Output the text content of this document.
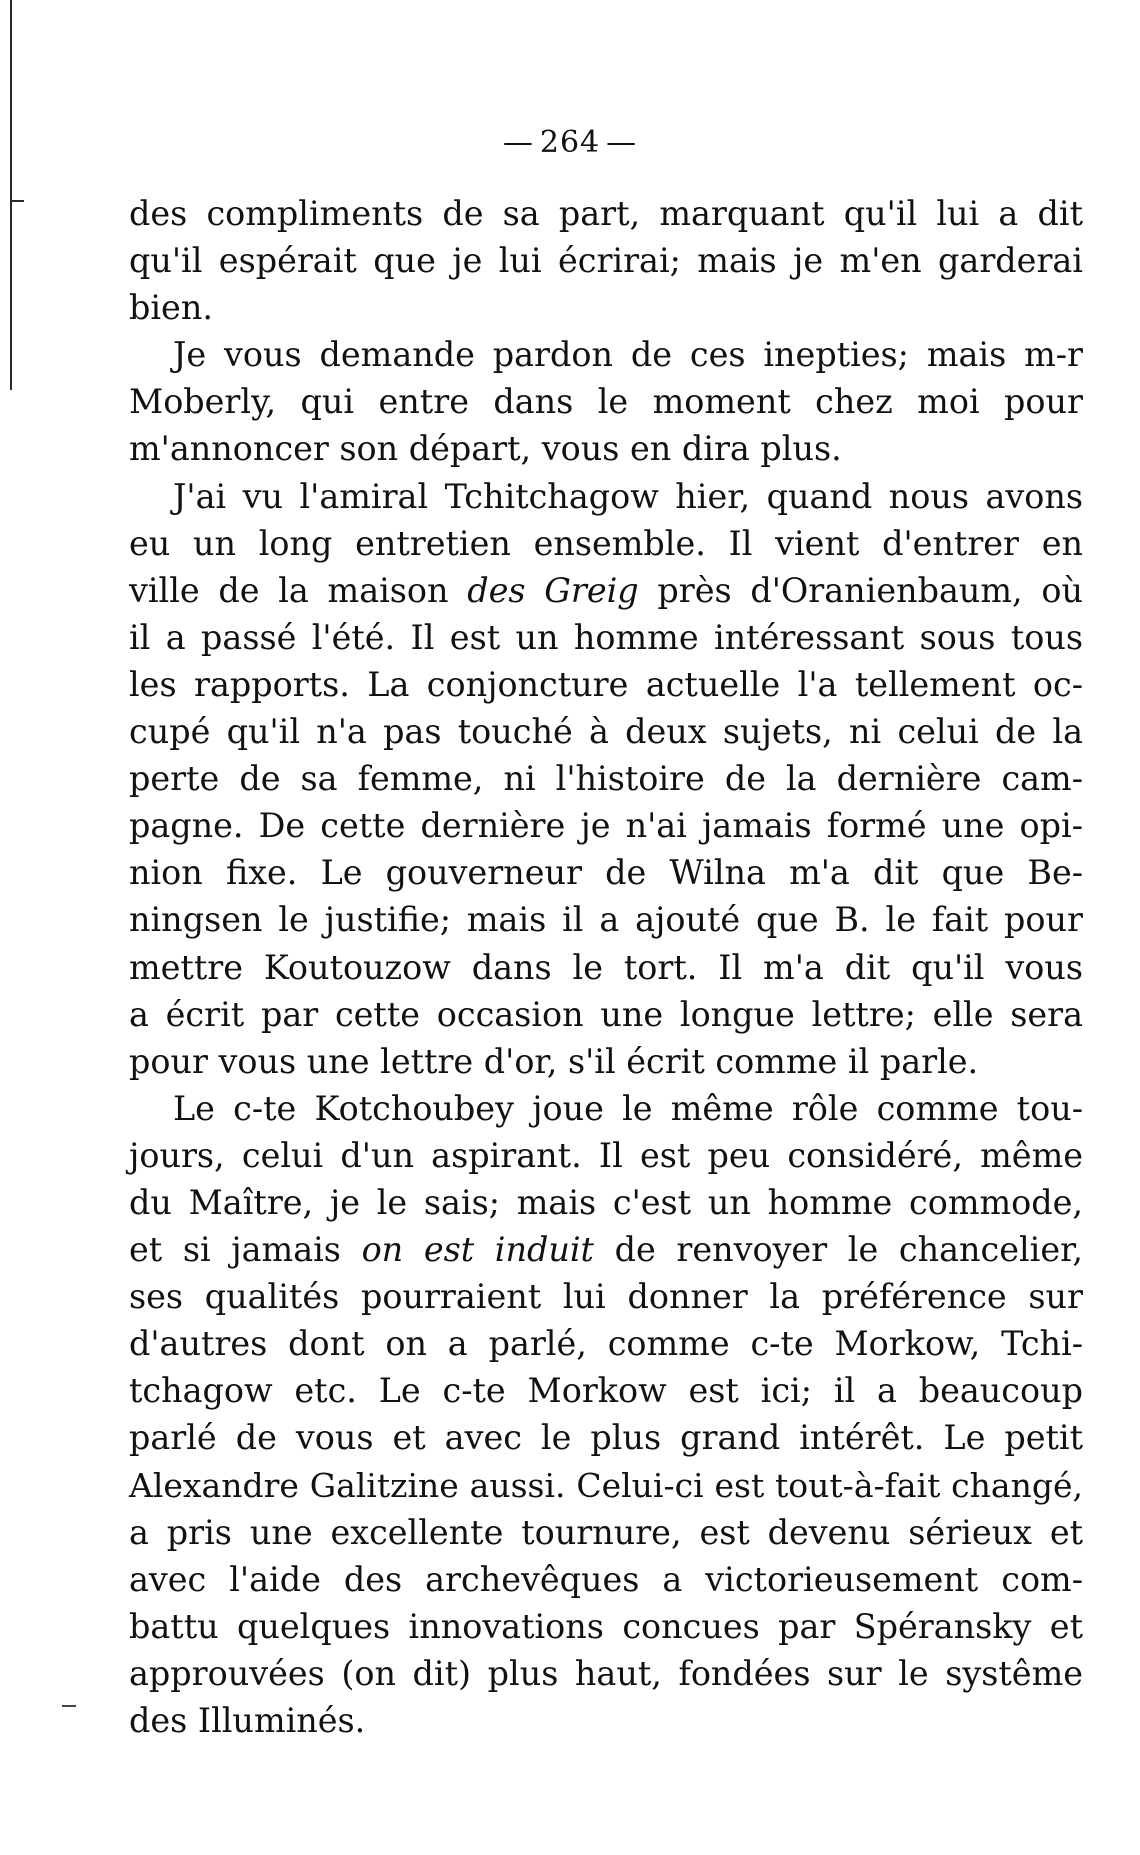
— 264 —
des compliments de sa part, marquant qu'il lui a dit
qu'il espérait que je lui écrirai; mais je m'en garderai
bien.
Je vous demande pardon de ces inepties; mais m-r
Moberly, qui entre dans le moment chez moi pour
m'annoncer son départ, vous en dira plus.
J'ai vu l'amiral Tchitchagow hier, quand nous avons
eu un long entretien ensemble. Il vient d'entrer en
ville de la maison des Greig près d'Oranienbaum, où
il a passé l'été. Il est un homme intéressant sous tous
les rapports. La conjoncture actuelle l'a tellement oc-
cupé qu'il n'a pas touché à deux sujets, ni celui de la
perte de sa femme, ni l'histoire de la dernière cam-
pagne. De cette dernière je n'ai jamais formé une opi-
nion fixe. Le gouverneur de Wilna m'a dit que Be-
ningsen le justifie; mais il a ajouté que B. le fait pour
mettre Koutouzow dans le tort. Il m'a dit qu'il vous
a écrit par cette occasion une longue lettre; elle sera
pour vous une lettre d'or, s'il écrit comme il parle.
Le c-te Kotchoubey joue le même rôle comme tou-
jours, celui d'un aspirant. Il est peu considéré, même
du Maître, je le sais; mais c'est un homme commode,
et si jamais on est induit de renvoyer le chancelier,
ses qualités pourraient lui donner la préférence sur
d'autres dont on a parlé, comme c-te Morkow, Tchi-
tchagow etc. Le c-te Morkow est ici; il a beaucoup
parlé de vous et avec le plus grand intérêt. Le petit
Alexandre Galitzine aussi. Celui-ci est tout-à-fait changé,
a pris une excellente tournure, est devenu sérieux et
avec l'aide des archevêques a victorieusement com-
battu quelques innovations concues par Spéransky et
approuvées (on dit) plus haut, fondées sur le systême
des Illuminés.
